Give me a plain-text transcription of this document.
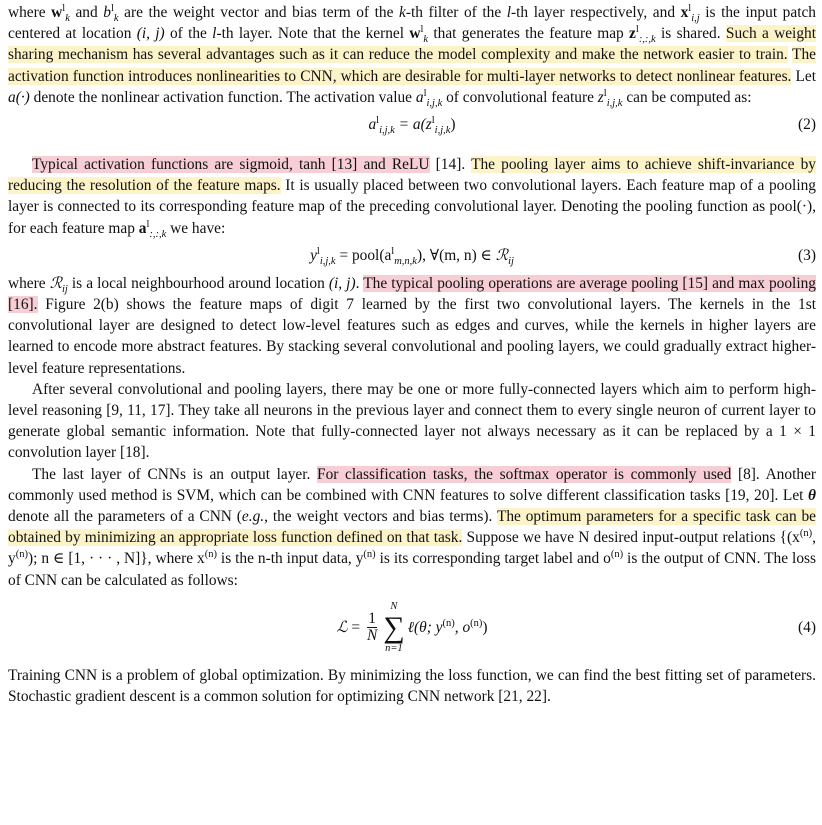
where $w^l_k$ and $b^l_k$ are the weight vector and bias term of the k-th filter of the l-th layer respectively, and $x^l_{i,j}$ is the input patch centered at location (i, j) of the l-th layer. Note that the kernel $w^l_k$ that generates the feature map $z^l_{:,:,k}$ is shared. Such a weight sharing mechanism has several advantages such as it can reduce the model complexity and make the network easier to train. The activation function introduces nonlinearities to CNN, which are desirable for multi-layer networks to detect nonlinear features. Let a(·) denote the nonlinear activation function. The activation value $a^l_{i,j,k}$ of convolutional feature $z^l_{i,j,k}$ can be computed as:

$a^l_{i,j,k} = a(z^l_{i,j,k})$	(2)

Typical activation functions are sigmoid, tanh [13] and ReLU [14]. The pooling layer aims to achieve shift-invariance by reducing the resolution of the feature maps. It is usually placed between two convolutional layers. Each feature map of a pooling layer is connected to its corresponding feature map of the preceding convolutional layer. Denoting the pooling function as pool(·), for each feature map $a^l_{:,:,k}$ we have:

$y^l_{i,j,k}$ = $pool(a^l_{m,n,k})$, ∀(m, n) ∈ ℛ$_{ij}$	(3)

where ℛ$_{ij}$ is a local neighbourhood around location (i, j). The typical pooling operations are average pooling [15] and max pooling [16]. Figure 2(b) shows the feature maps of digit 7 learned by the first two convolutional layers. The kernels in the 1st convolutional layer are designed to detect low-level features such as edges and curves, while the kernels in higher layers are learned to encode more abstract features. By stacking several convolutional and pooling layers, we could gradually extract higher-level feature representations.

After several convolutional and pooling layers, there may be one or more fully-connected layers which aim to perform high-level reasoning [9, 11, 17]. They take all neurons in the previous layer and connect them to every single neuron of current layer to generate global semantic information. Note that fully-connected layer not always necessary as it can be replaced by a 1 × 1 convolution layer [18].

The last layer of CNNs is an output layer. For classification tasks, the softmax operator is commonly used [8]. Another commonly used method is SVM, which can be combined with CNN features to solve different classification tasks [19, 20]. Let θ denote all the parameters of a CNN (e.g., the weight vectors and bias terms). The optimum parameters for a specific task can be obtained by minimizing an appropriate loss function defined on that task. Suppose we have N desired input-output relations {($x^{(n)}$, $y^{(n)}$); n ∈ [1, · · · , N]}, where $x^{(n)}$ is the n-th input data, $y^{(n)}$ is its corresponding target label and $o^{(n)}$ is the output of CNN. The loss of CNN can be calculated as follows:

ℒ = $\frac{1}{N}$
N
∑
n=1
ℓ(θ; $y^{(n)}$, $o^{(n)}$)	(4)

Training CNN is a problem of global optimization. By minimizing the loss function, we can find the best fitting set of parameters. Stochastic gradient descent is a common solution for optimizing CNN network [21, 22].
